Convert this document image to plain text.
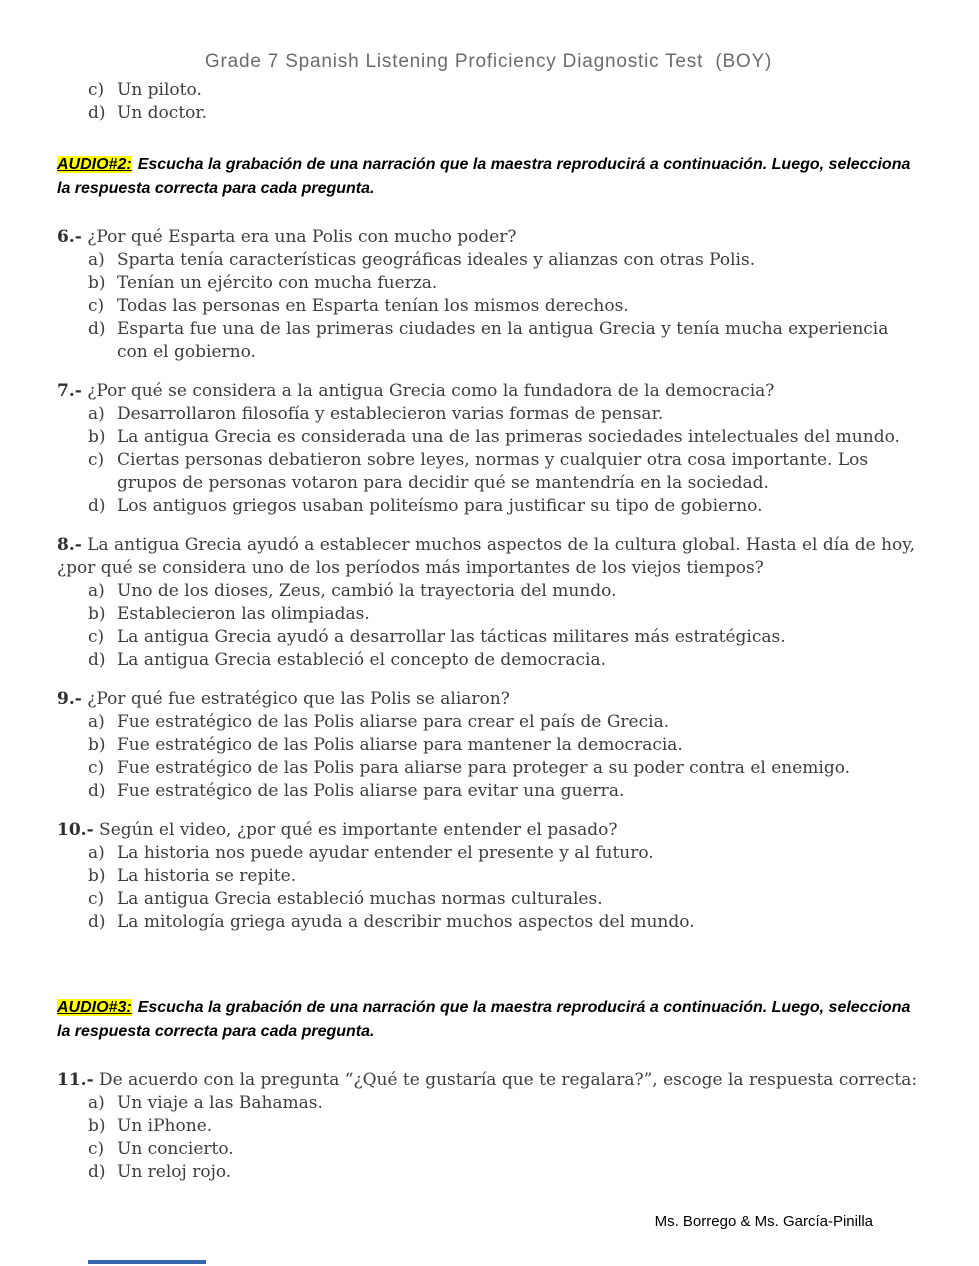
Grade 7 Spanish Listening Proficiency Diagnostic Test  (BOY)

c) Un piloto.
d) Un doctor.

AUDIO#2: Escucha la grabación de una narración que la maestra reproducirá a continuación. Luego, selecciona la respuesta correcta para cada pregunta.

6.- ¿Por qué Esparta era una Polis con mucho poder?

a) Sparta tenía características geográficas ideales y alianzas con otras Polis.
b) Tenían un ejército con mucha fuerza.
c) Todas las personas en Esparta tenían los mismos derechos.
d) Esparta fue una de las primeras ciudades en la antigua Grecia y tenía mucha experiencia con el gobierno.

7.- ¿Por qué se considera a la antigua Grecia como la fundadora de la democracia?

a) Desarrollaron filosofía y establecieron varias formas de pensar.
b) La antigua Grecia es considerada una de las primeras sociedades intelectuales del mundo.
c) Ciertas personas debatieron sobre leyes, normas y cualquier otra cosa importante. Los grupos de personas votaron para decidir qué se mantendría en la sociedad.
d) Los antiguos griegos usaban politeísmo para justificar su tipo de gobierno.

8.- La antigua Grecia ayudó a establecer muchos aspectos de la cultura global. Hasta el día de hoy, ¿por qué se considera uno de los períodos más importantes de los viejos tiempos?

a) Uno de los dioses, Zeus, cambió la trayectoria del mundo.
b) Establecieron las olimpiadas.
c) La antigua Grecia ayudó a desarrollar las tácticas militares más estratégicas.
d) La antigua Grecia estableció el concepto de democracia.

9.- ¿Por qué fue estratégico que las Polis se aliaron?

a) Fue estratégico de las Polis aliarse para crear el país de Grecia.
b) Fue estratégico de las Polis aliarse para mantener la democracia.
c) Fue estratégico de las Polis para aliarse para proteger a su poder contra el enemigo.
d) Fue estratégico de las Polis aliarse para evitar una guerra.

10.- Según el video, ¿por qué es importante entender el pasado?

a) La historia nos puede ayudar entender el presente y al futuro.
b) La historia se repite.
c) La antigua Grecia estableció muchas normas culturales.
d) La mitología griega ayuda a describir muchos aspectos del mundo.

AUDIO#3: Escucha la grabación de una narración que la maestra reproducirá a continuación. Luego, selecciona la respuesta correcta para cada pregunta.

11.- De acuerdo con la pregunta “¿Qué te gustaría que te regalara?”, escoge la respuesta correcta:

a) Un viaje a las Bahamas.
b) Un iPhone.
c) Un concierto.
d) Un reloj rojo.

Ms. Borrego & Ms. García-Pinilla
